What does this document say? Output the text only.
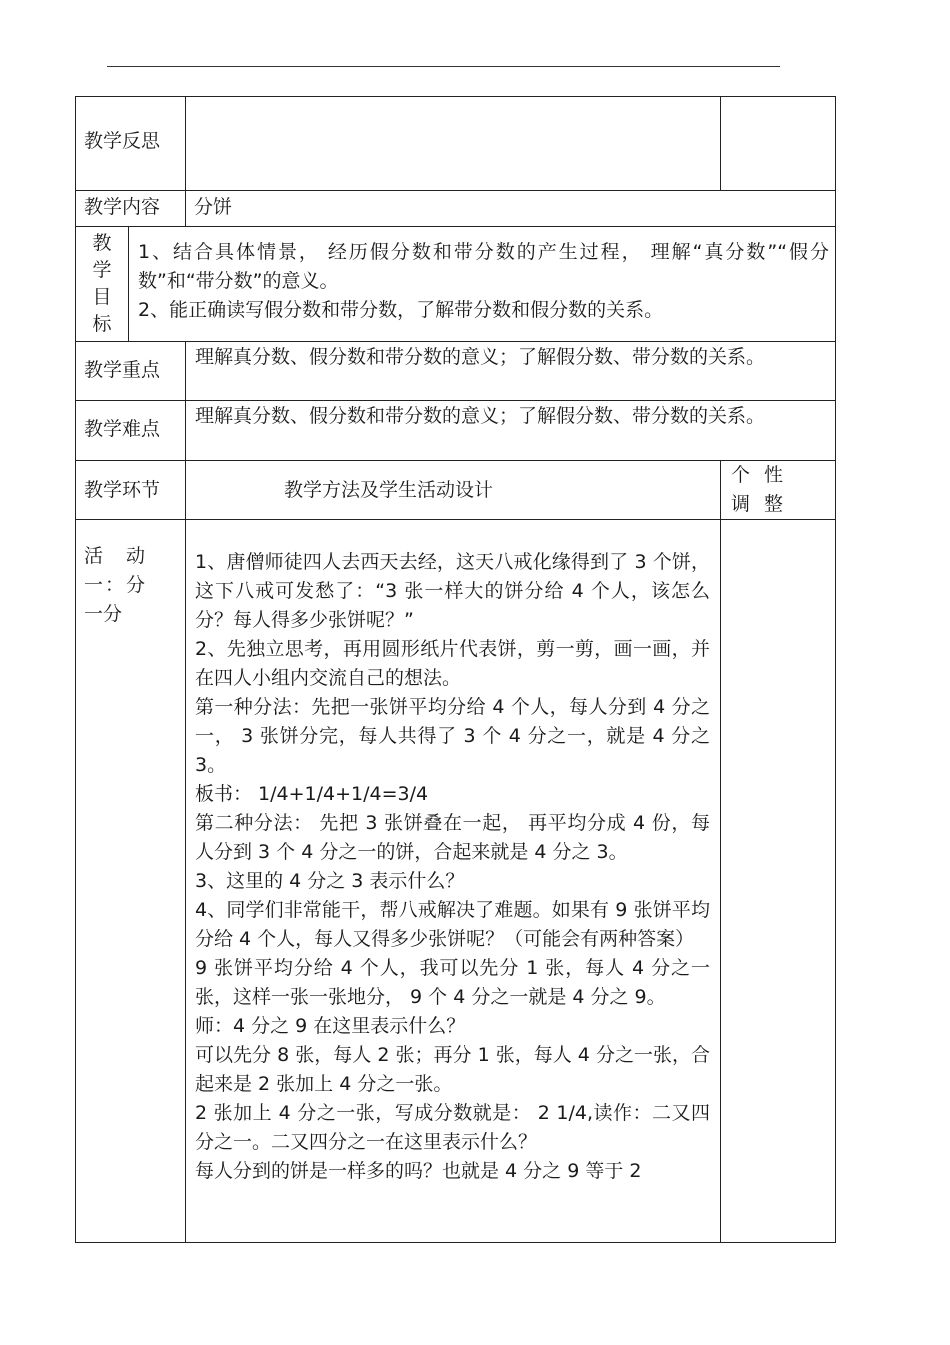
教学反思
教学内容 分饼
教
学
目
标

1、结合具体情景， 经历假分数和带分数的产生过程， 理解“真分数”“假分数”和“带分数”的意义。

2、能正确读写假分数和带分数，了解带分数和假分数的关系。

教学重点

理解真分数、假分数和带分数的意义；了解假分数、带分数的关系。

教学难点

理解真分数、假分数和带分数的意义；了解假分数、带分数的关系。

教学环节	教学方法及学生活动设计
个性调整

活动一：分一分

1、唐僧师徒四人去西天去经，这天八戒化缘得到了 3 个饼，这下八戒可发愁了：“3 张一样大的饼分给 4 个人，该怎么分？每人得多少张饼呢？”

2、先独立思考，再用圆形纸片代表饼，剪一剪，画一画，并在四人小组内交流自己的想法。

第一种分法：先把一张饼平均分给 4 个人，每人分到 4 分之一， 3 张饼分完，每人共得了 3 个 4 分之一，就是 4 分之 3。

板书： 1/4+1/4+1/4=3/4

第二种分法： 先把 3 张饼叠在一起， 再平均分成 4 份，每人分到 3 个 4 分之一的饼，合起来就是 4 分之 3。

3、这里的 4 分之 3 表示什么？

4、同学们非常能干，帮八戒解决了难题。如果有 9 张饼平均分给 4 个人，每人又得多少张饼呢？（可能会有两种答案）

9 张饼平均分给 4 个人，我可以先分 1 张，每人 4 分之一张，这样一张一张地分， 9 个 4 分之一就是 4 分之 9。

师：4 分之 9 在这里表示什么？

可以先分 8 张，每人 2 张；再分 1 张，每人 4 分之一张，合起来是 2 张加上 4 分之一张。

2 张加上 4 分之一张，写成分数就是： 2 1/4,读作：二又四分之一。二又四分之一在这里表示什么？

每人分到的饼是一样多的吗？也就是 4 分之 9 等于 2
